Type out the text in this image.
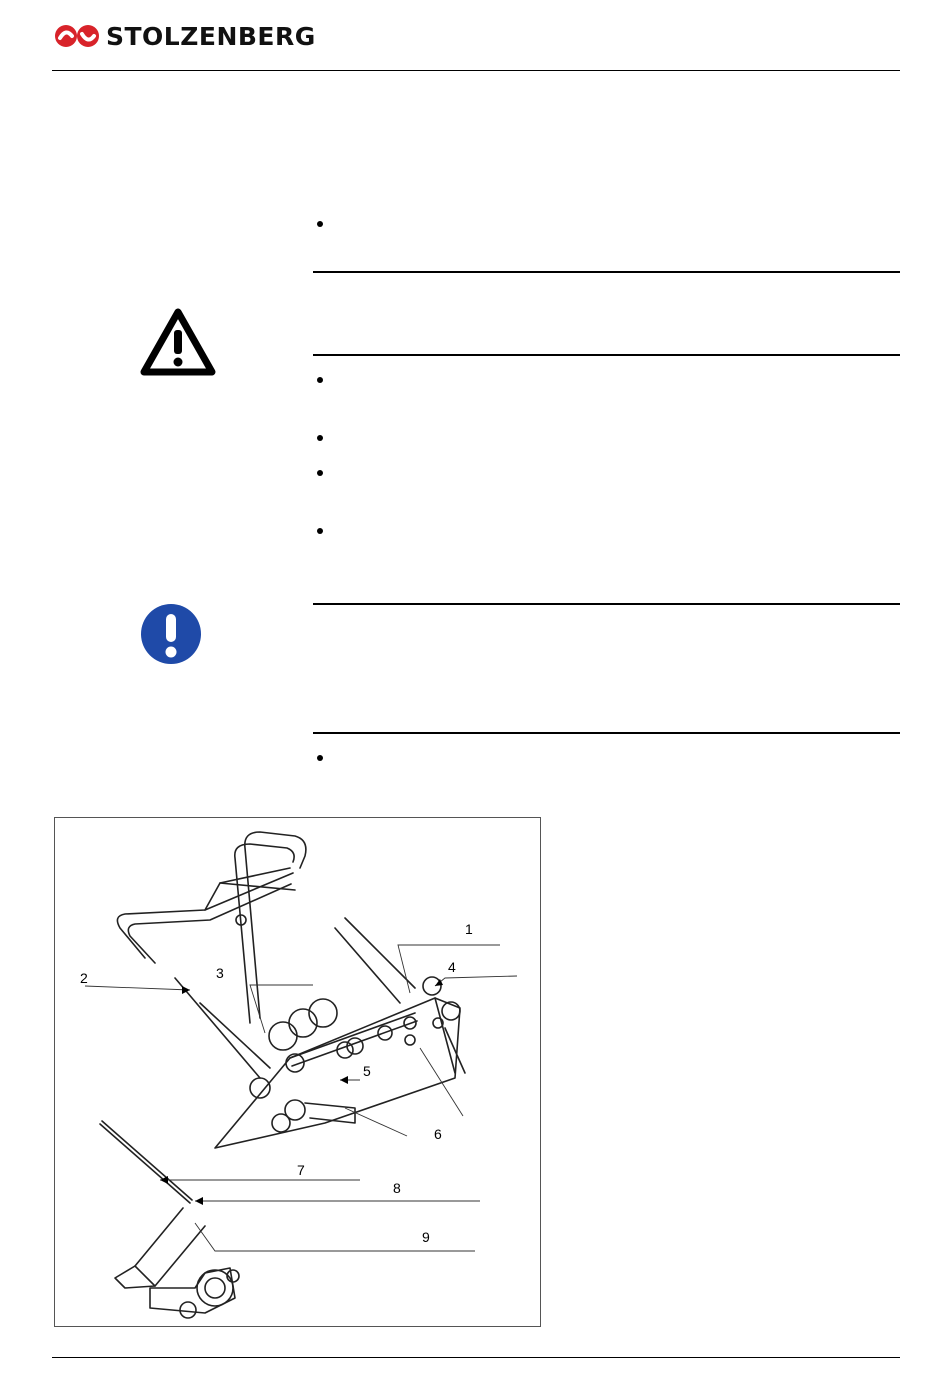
STOLZENBERG
1
2	3	4
5
6
7
8
9
